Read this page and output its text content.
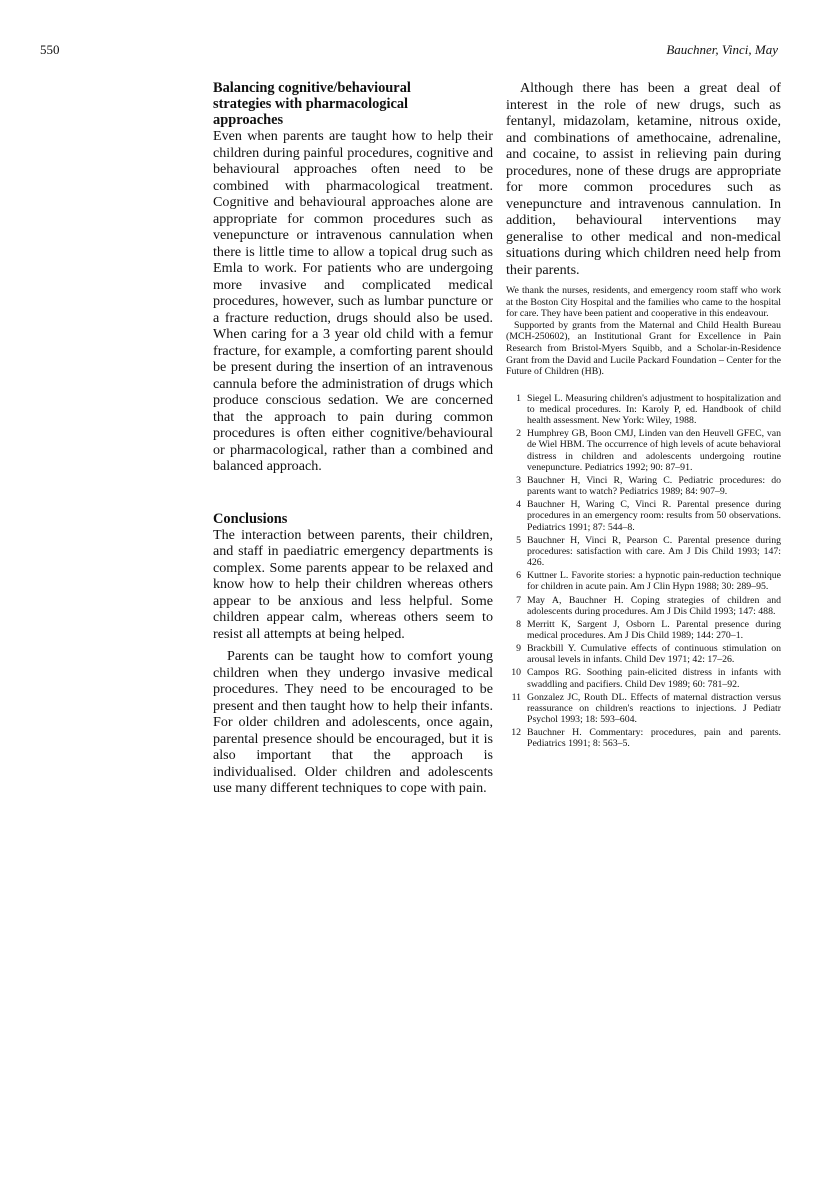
550	Bauchner, Vinci, May
Balancing cognitive/behavioural
strategies with pharmacological
approaches

Even when parents are taught how to help their children during painful procedures, cognitive and behavioural approaches often need to be combined with pharmacological treatment. Cognitive and behavioural approaches alone are appropriate for common procedures such as venepuncture or intravenous cannulation when there is little time to allow a topical drug such as Emla to work. For patients who are undergoing more invasive and complicated medical procedures, however, such as lumbar puncture or a fracture reduction, drugs should also be used. When caring for a 3 year old child with a femur fracture, for example, a comforting parent should be present during the insertion of an intravenous cannula before the administration of drugs which produce conscious sedation. We are concerned that the approach to pain during common procedures is often either cognitive/behavioural or pharmacological, rather than a combined and balanced approach.

Conclusions

The interaction between parents, their children, and staff in paediatric emergency departments is complex. Some parents appear to be relaxed and know how to help their children whereas others appear to be anxious and less helpful. Some children appear calm, whereas others seem to resist all attempts at being helped.

Parents can be taught how to comfort young children when they undergo invasive medical procedures. They need to be encouraged to be present and then taught how to help their infants. For older children and adolescents, once again, parental presence should be encouraged, but it is also important that the approach is individualised. Older children and adolescents use many different techniques to cope with pain.

Although there has been a great deal of interest in the role of new drugs, such as fentanyl, midazolam, ketamine, nitrous oxide, and combinations of amethocaine, adrenaline, and cocaine, to assist in relieving pain during procedures, none of these drugs are appropriate for more common procedures such as venepuncture and intravenous cannulation. In addition, behavioural interventions may generalise to other medical and non-medical situations during which children need help from their parents.

We thank the nurses, residents, and emergency room staff who work at the Boston City Hospital and the families who came to the hospital for care. They have been patient and cooperative in this endeavour.

Supported by grants from the Maternal and Child Health Bureau (MCH-250602), an Institutional Grant for Excellence in Pain Research from Bristol-Myers Squibb, and a Scholar-in-Residence Grant from the David and Lucile Packard Foundation – Center for the Future of Children (HB).

1 Siegel L. Measuring children's adjustment to hospitalization and to medical procedures. In: Karoly P, ed. Handbook of child health assessment. New York: Wiley, 1988.
2 Humphrey GB, Boon CMJ, Linden van den Heuvell GFEC, van de Wiel HBM. The occurrence of high levels of acute behavioral distress in children and adolescents undergoing routine venepuncture. Pediatrics 1992; 90: 87–91.
3 Bauchner H, Vinci R, Waring C. Pediatric procedures: do parents want to watch? Pediatrics 1989; 84: 907–9.
4 Bauchner H, Waring C, Vinci R. Parental presence during procedures in an emergency room: results from 50 observations. Pediatrics 1991; 87: 544–8.
5 Bauchner H, Vinci R, Pearson C. Parental presence during procedures: satisfaction with care. Am J Dis Child 1993; 147: 426.
6 Kuttner L. Favorite stories: a hypnotic pain-reduction technique for children in acute pain. Am J Clin Hypn 1988; 30: 289–95.
7 May A, Bauchner H. Coping strategies of children and adolescents during procedures. Am J Dis Child 1993; 147: 488.
8 Merritt K, Sargent J, Osborn L. Parental presence during medical procedures. Am J Dis Child 1989; 144: 270–1.
9 Brackbill Y. Cumulative effects of continuous stimulation on arousal levels in infants. Child Dev 1971; 42: 17–26.
10 Campos RG. Soothing pain-elicited distress in infants with swaddling and pacifiers. Child Dev 1989; 60: 781–92.
11 Gonzalez JC, Routh DL. Effects of maternal distraction versus reassurance on children's reactions to injections. J Pediatr Psychol 1993; 18: 593–604.
12 Bauchner H. Commentary: procedures, pain and parents. Pediatrics 1991; 8: 563–5.
